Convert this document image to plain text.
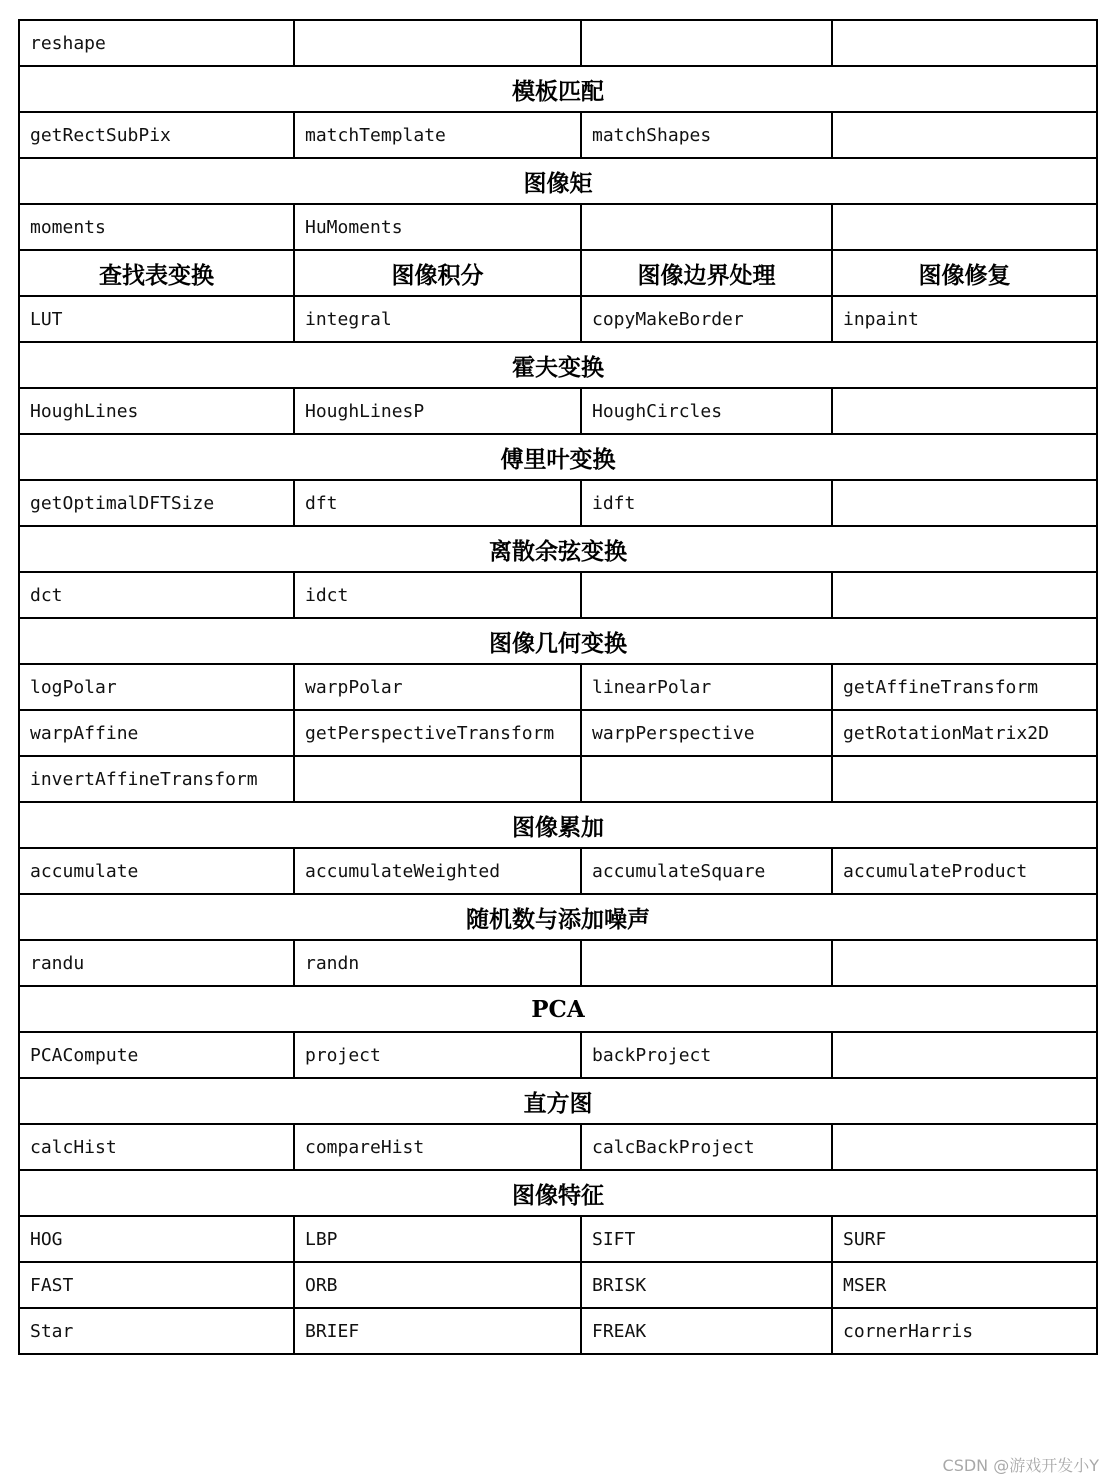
reshape			
模板匹配			
getRectSubPix	matchTemplate	matchShapes	
图像矩			
moments	HuMoments		
查找表变换	图像积分	图像边界处理	图像修复
LUT	integral	copyMakeBorder	inpaint
霍夫变换			
HoughLines	HoughLinesP	HoughCircles	
傅里叶变换			
getOptimalDFTSize	dft	idft	
离散余弦变换			
dct	idct		
图像几何变换			
logPolar	warpPolar	linearPolar	getAffineTransform
warpAffine	getPerspectiveTransform	warpPerspective	getRotationMatrix2D
invertAffineTransform			
图像累加			
accumulate	accumulateWeighted	accumulateSquare	accumulateProduct
随机数与添加噪声			
randu	randn		
PCA			
PCACompute	project	backProject	
直方图			
calcHist	compareHist	calcBackProject	
图像特征			
HOG	LBP	SIFT	SURF
FAST	ORB	BRISK	MSER
Star	BRIEF	FREAK	cornerHarris
CSDN @游戏开发小Y
